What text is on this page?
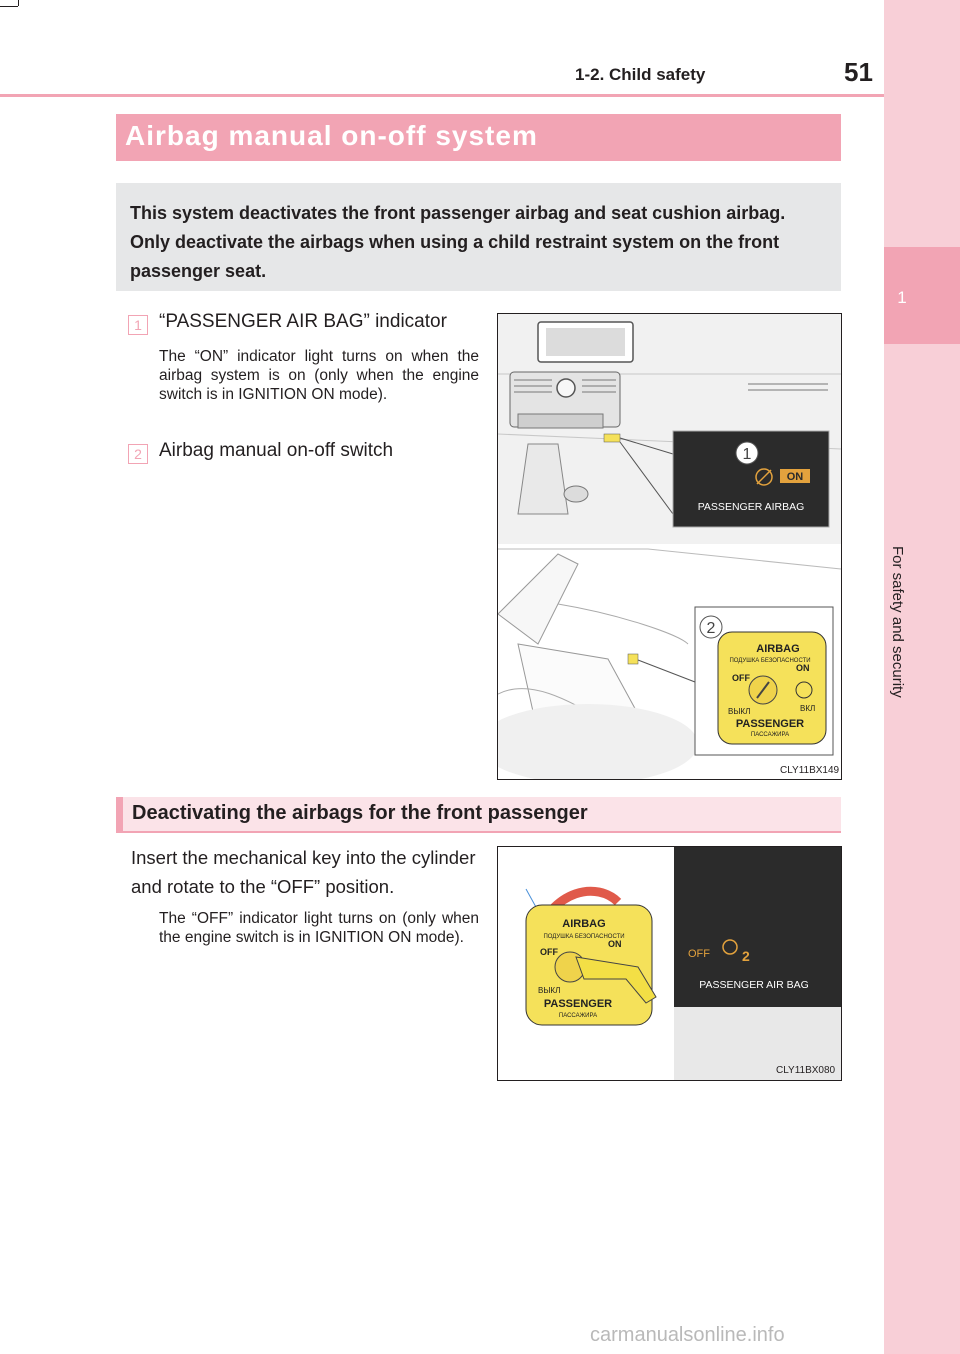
1-2. Child safety	51
1
For safety and security
Airbag manual on-off system
This system deactivates the front passenger airbag and seat cushion airbag. Only deactivate the airbags when using a child restraint system on the front passenger seat.
1 “PASSENGER AIR BAG” indicator
The “ON” indicator light turns on when the airbag system is on (only when the engine switch is in IGNITION ON mode).
2 Airbag manual on-off switch	1
ON
PASSENGER AIRBAG
2
AIRBAG
ПОДУШКА БЕЗОПАСНОСТИ
OFF
ON
ВЫКЛ	ВКЛ
PASSENGER
ПАССАЖИРА
CLY11BX149
Deactivating the airbags for the front passenger
Insert the mechanical key into the cylinder and rotate to the “OFF” position.
The “OFF” indicator light turns on (only when the engine switch is in IGNITION ON mode).
AIRBAG
ПОДУШКА БЕЗОПАСНОСТИ
OFF
ON
ВЫКЛ
PASSENGER
ПАССАЖИРА
OFF 2
PASSENGER AIR BAG
CLY11BX080
carmanualsonline.info
